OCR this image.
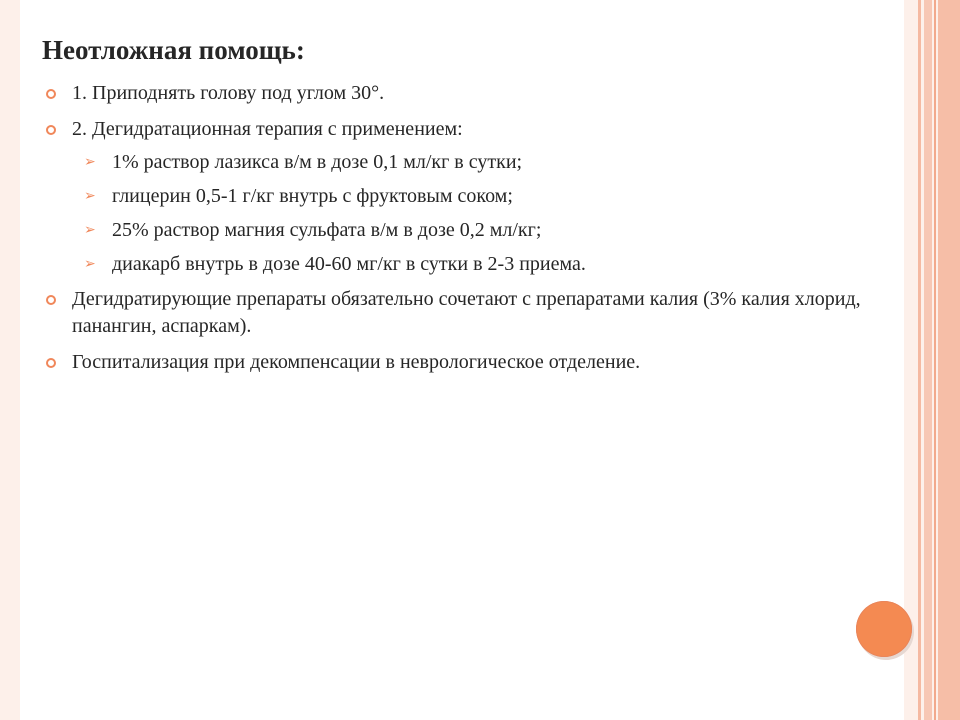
Неотложная помощь:
1. Приподнять голову под углом 30°.
2. Дегидратационная терапия с применением:
➢ 1% раствор лазикса в/м в дозе 0,1 мл/кг в сутки;
➢ глицерин 0,5-1 г/кг внутрь с фруктовым соком;
➢ 25% раствор магния сульфата в/м в дозе 0,2 мл/кг;
➢ диакарб внутрь в дозе 40-60 мг/кг в сутки в 2-3 приема.
Дегидратирующие препараты обязательно сочетают с препаратами калия (3% калия хлорид, панангин, аспаркам).
Госпитализация при декомпенсации в неврологическое отделение.
